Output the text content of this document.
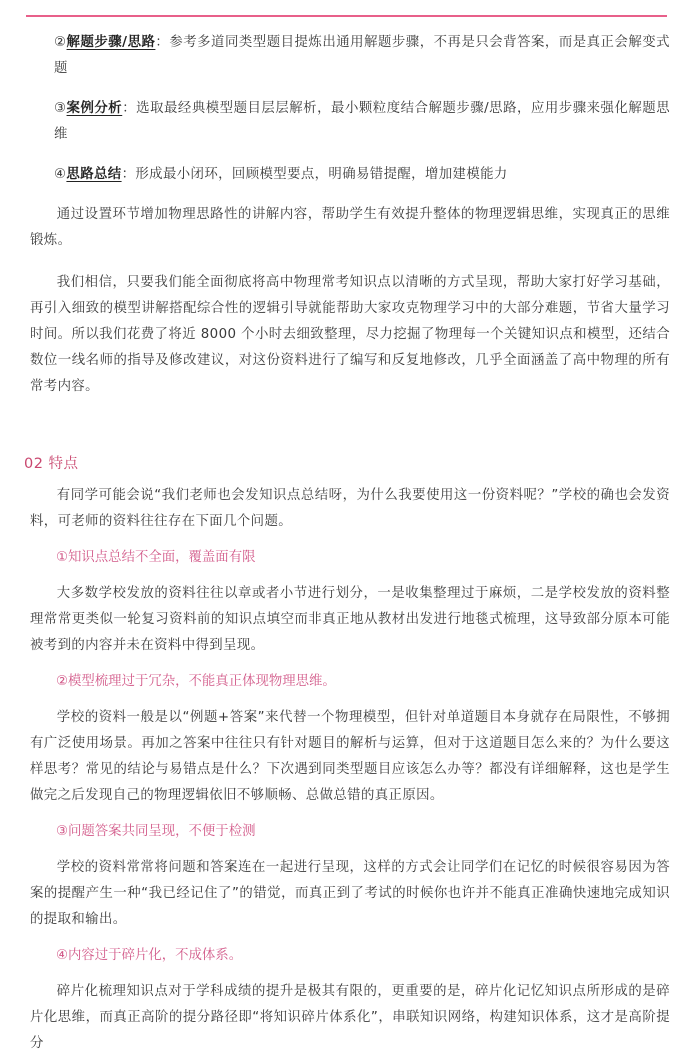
②解题步骤/思路：参考多道同类型题目提炼出通用解题步骤，不再是只会背答案，而是真正会解变式题

③案例分析：选取最经典模型题目层层解析，最小颗粒度结合解题步骤/思路，应用步骤来强化解题思维

④思路总结：形成最小闭环，回顾模型要点，明确易错提醒，增加建模能力

通过设置环节增加物理思路性的讲解内容，帮助学生有效提升整体的物理逻辑思维，实现真正的思维锻炼。

我们相信，只要我们能全面彻底将高中物理常考知识点以清晰的方式呈现，帮助大家打好学习基础，再引入细致的模型讲解搭配综合性的逻辑引导就能帮助大家攻克物理学习中的大部分难题，节省大量学习时间。所以我们花费了将近 8000 个小时去细致整理，尽力挖掘了物理每一个关键知识点和模型，还结合数位一线名师的指导及修改建议，对这份资料进行了编写和反复地修改，几乎全面涵盖了高中物理的所有常考内容。

02 特点

有同学可能会说“我们老师也会发知识点总结呀，为什么我要使用这一份资料呢？”学校的确也会发资料，可老师的资料往往存在下面几个问题。

①知识点总结不全面，覆盖面有限

大多数学校发放的资料往往以章或者小节进行划分，一是收集整理过于麻烦，二是学校发放的资料整理常常更类似一轮复习资料前的知识点填空而非真正地从教材出发进行地毯式梳理，这导致部分原本可能被考到的内容并未在资料中得到呈现。

②模型梳理过于冗杂，不能真正体现物理思维。

学校的资料一般是以“例题+答案”来代替一个物理模型，但针对单道题目本身就存在局限性，不够拥有广泛使用场景。再加之答案中往往只有针对题目的解析与运算，但对于这道题目怎么来的？为什么要这样思考？常见的结论与易错点是什么？下次遇到同类型题目应该怎么办等？都没有详细解释，这也是学生做完之后发现自己的物理逻辑依旧不够顺畅、总做总错的真正原因。

③问题答案共同呈现，不便于检测

学校的资料常常将问题和答案连在一起进行呈现，这样的方式会让同学们在记忆的时候很容易因为答案的提醒产生一种“我已经记住了”的错觉，而真正到了考试的时候你也许并不能真正准确快速地完成知识的提取和输出。

④内容过于碎片化，不成体系。

碎片化梳理知识点对于学科成绩的提升是极其有限的，更重要的是，碎片化记忆知识点所形成的是碎片化思维，而真正高阶的提分路径即“将知识碎片体系化”，串联知识网络，构建知识体系，这才是高阶提分
